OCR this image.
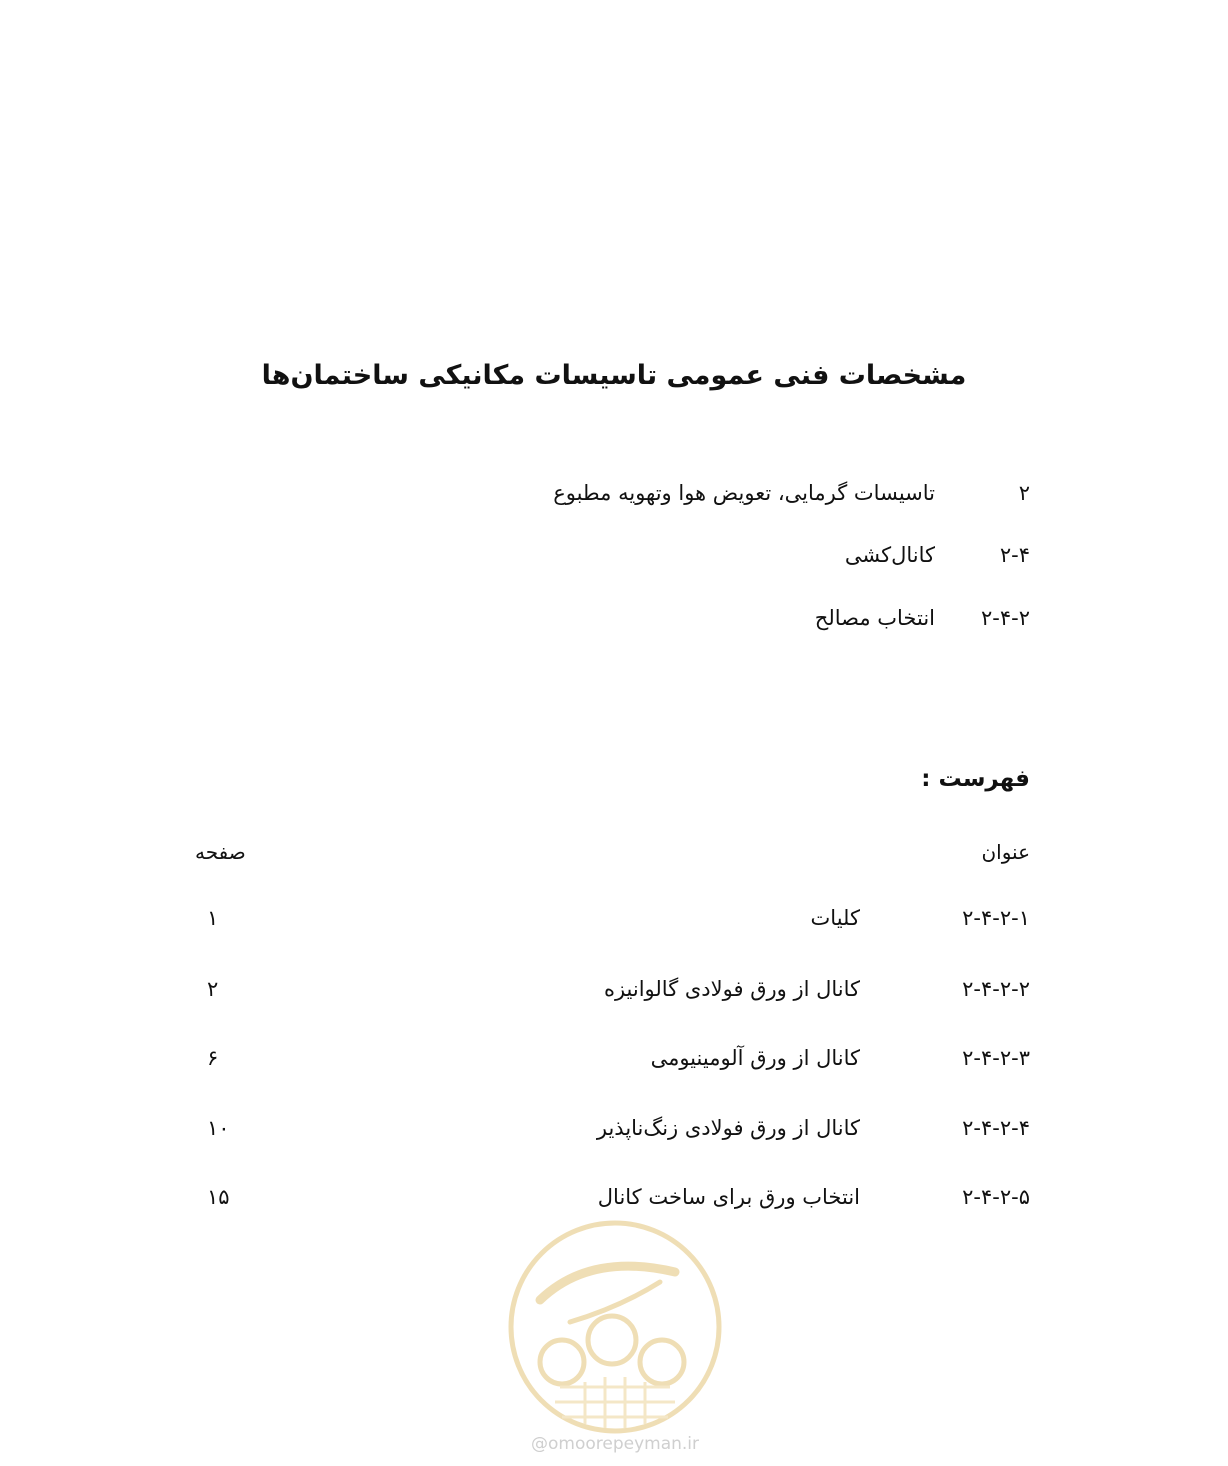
مشخصات فنی عمومی تاسیسات مکانیکی ساختمان‌ها
۲
تاسیسات گرمایی، تعویض هوا وتهویه مطبوع
۲-۴
کانال‌کشی
۲-۴-۲
انتخاب مصالح
فهرست :
عنوان
صفحه
۲-۴-۲-۱
کلیات
۱
۲-۴-۲-۲
کانال از ورق فولادی گالوانیزه
۲
۲-۴-۲-۳
کانال از ورق آلومینیومی
۶
۲-۴-۲-۴
کانال از ورق فولادی زنگ‌ناپذیر
۱۰
۲-۴-۲-۵
انتخاب ورق برای ساخت کانال
۱۵
@omoorepeyman.ir
